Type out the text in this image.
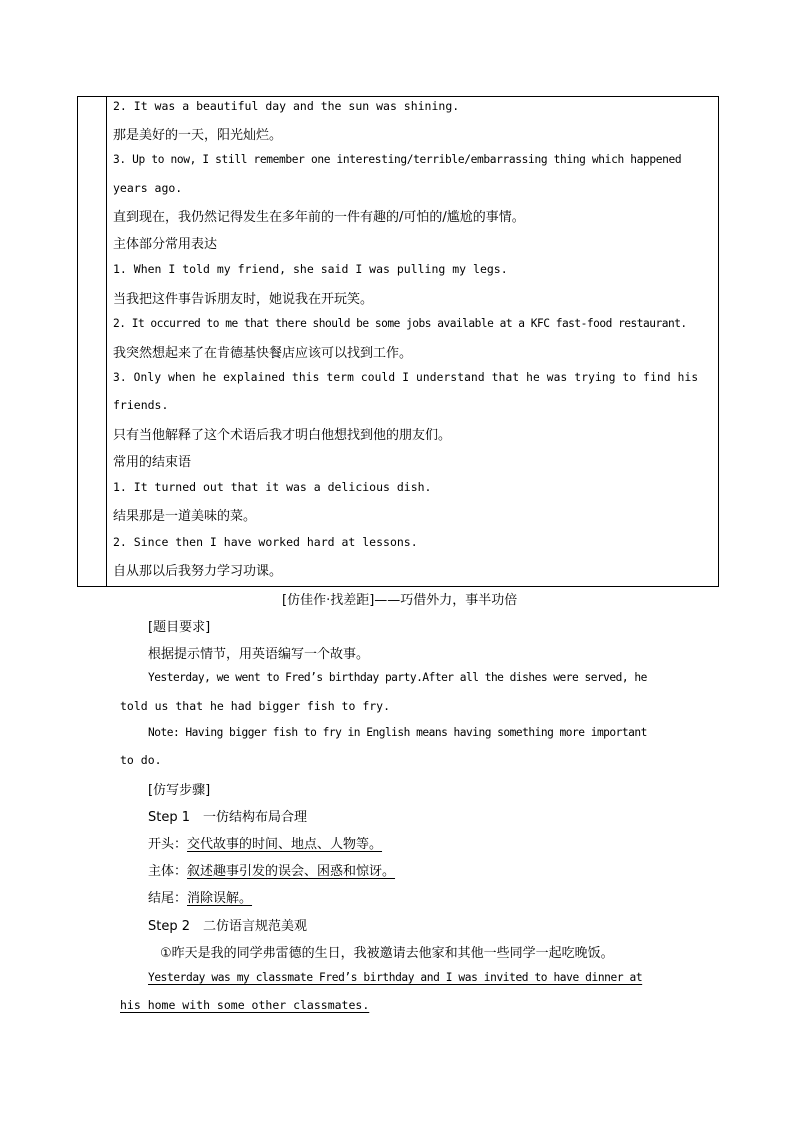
2. It was a beautiful day and the sun was shining.
那是美好的一天，阳光灿烂。
3. Up to now, I still remember one interesting/terrible/embarrassing thing which happened
years ago.
直到现在，我仍然记得发生在多年前的一件有趣的/可怕的/尴尬的事情。
主体部分常用表达
1. When I told my friend, she said I was pulling my legs.
当我把这件事告诉朋友时，她说我在开玩笑。
2. It occurred to me that there should be some jobs available at a KFC fast-food restaurant.
我突然想起来了在肯德基快餐店应该可以找到工作。
3. Only when he explained this term could I understand that he was trying to find his
friends.
只有当他解释了这个术语后我才明白他想找到他的朋友们。
常用的结束语
1. It turned out that it was a delicious dish.
结果那是一道美味的菜。
2. Since then I have worked hard at lessons.
自从那以后我努力学习功课。
[仿佳作·找差距]——巧借外力，事半功倍
[题目要求]
根据提示情节，用英语编写一个故事。
Yesterday, we went to Fred’s birthday party.After all the dishes were served, he
told us that he had bigger fish to fry.
Note: Having bigger fish to fry in English means having something more important
to do.
[仿写步骤]
Step 1　一仿结构布局合理
开头：交代故事的时间、地点、人物等。
主体：叙述趣事引发的误会、困惑和惊讶。
结尾：消除误解。
Step 2　二仿语言规范美观
①昨天是我的同学弗雷德的生日，我被邀请去他家和其他一些同学一起吃晚饭。
Yesterday was my classmate Fred’s birthday and I was invited to have dinner at
his home with some other classmates.
